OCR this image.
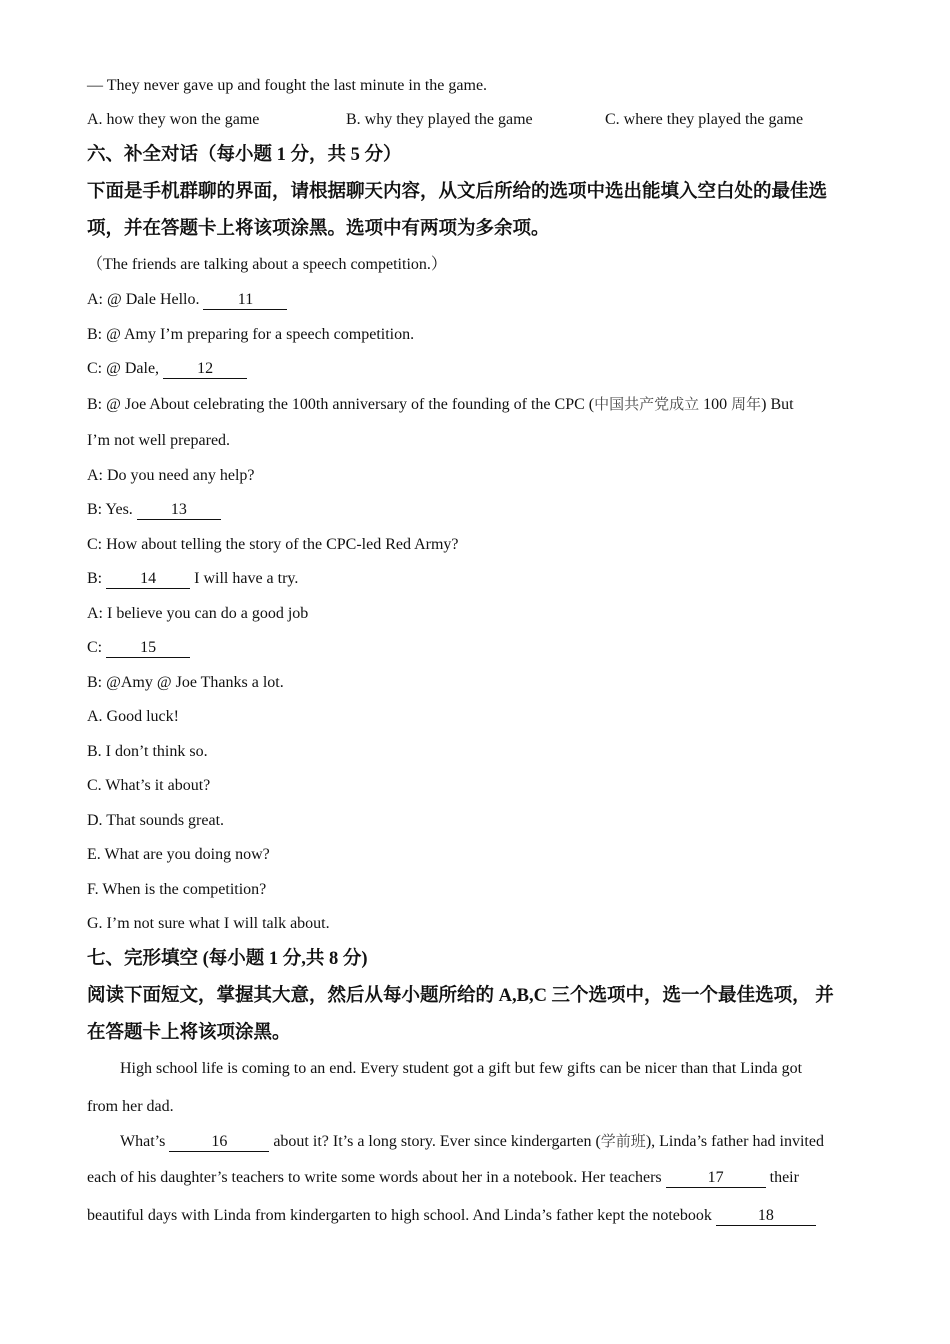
— They never gave up and fought the last minute in the game.
A. how they won the game	B. why they played the game	C. where they played the game
六、补全对话（每小题 1 分，共 5 分）
下面是手机群聊的界面，请根据聊天内容，从文后所给的选项中选出能填入空白处的最佳选
项，并在答题卡上将该项涂黑。选项中有两项为多余项。
（The friends are talking about a speech competition.）
A: @ Dale Hello. 11
B: @ Amy I’m preparing for a speech competition.
C: @ Dale, 12
B: @ Joe About celebrating the 100th anniversary of the founding of the CPC (中国共产党成立 100 周年) But
I’m not well prepared.
A: Do you need any help?
B: Yes. 13
C: How about telling the story of the CPC-led Red Army?
B: 14 I will have a try.
A: I believe you can do a good job
C: 15
B: @Amy @ Joe Thanks a lot.
A. Good luck!
B. I don’t think so.
C. What’s it about?
D. That sounds great.
E. What are you doing now?
F. When is the competition?
G. I’m not sure what I will talk about.
七、完形填空 (每小题 1 分,共 8 分)
阅读下面短文，掌握其大意，然后从每小题所给的 A,B,C 三个选项中，选一个最佳选项， 并
在答题卡上将该项涂黑。
High school life is coming to an end. Every student got a gift but few gifts can be nicer than that Linda got
from her dad.
What’s	16	about it? It’s a long story. Ever since kindergarten (学前班), Linda’s father had invited
each of his daughter’s teachers to write some words about her in a notebook. Her teachers	17	their
beautiful days with Linda from kindergarten to high school. And Linda’s father kept the notebook	18
